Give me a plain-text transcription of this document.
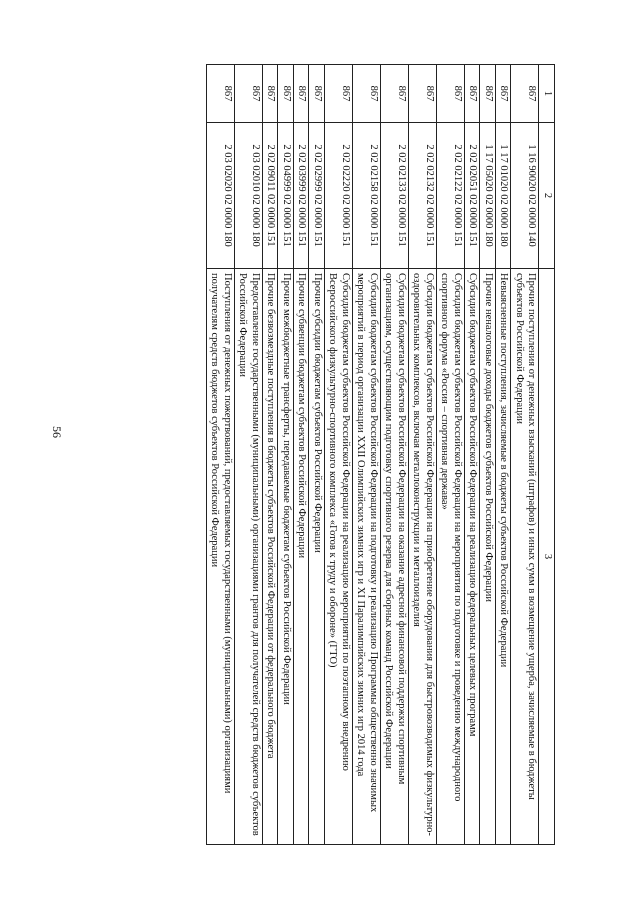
56
1	2	3
867	1 16 90020 02 0000 140	Прочие поступления от денежных взысканий (штрафов) и иных сумм в возмещение ущерба, зачисляемые в бюджеты субъектов Российской Федерации
867	1 17 01020 02 0000 180	Невыясненные поступления, зачисляемые в бюджеты субъектов Российской Федерации
867	1 17 05020 02 0000 180	Прочие неналоговые доходы бюджетов субъектов Российской Федерации
867	2 02 02051 02 0000 151	Субсидии бюджетам субъектов Российской Федерации на реализацию федеральных целевых программ
867	2 02 02122 02 0000 151	Субсидии бюджетам субъектов Российской Федерации на мероприятия по подготовке и проведению международного спортивного форума «Россия – спортивная держава»
867	2 02 02132 02 0000 151	Субсидии бюджетам субъектов Российской Федерации на приобретение оборудования для быстровозводимых физкультурно-оздоровительных комплексов, включая металлоконструкции и металлоизделия
867	2 02 02133 02 0000 151	Субсидии бюджетам субъектов Российской Федерации на оказание адресной финансовой поддержки спортивным организациям, осуществляющим подготовку спортивного резерва для сборных команд Российской Федерации
867	2 02 02158 02 0000 151	Субсидии бюджетам субъектов Российской Федерации на подготовку и реализацию Программы общественно значимых мероприятий в период организации XXII Олимпийских зимних игр и XI Паралимпийских зимних игр 2014 года
867	2 02 02220 02 0000 151	Субсидии бюджетам субъектов Российской Федерации на реализацию мероприятий по поэтапному внедрению Всероссийского физкультурно-спортивного комплекса «Готов к труду и обороне» (ГТО)
867	2 02 02999 02 0000 151	Прочие субсидии бюджетам субъектов Российской Федерации
867	2 02 03999 02 0000 151	Прочие субвенции бюджетам субъектов Российской Федерации
867	2 02 04999 02 0000 151	Прочие межбюджетные трансферты, передаваемые бюджетам субъектов Российской Федерации
867	2 02 09011 02 0000 151	Прочие безвозмездные поступления в бюджеты субъектов Российской Федерации от федерального бюджета
867	2 03 02010 02 0000 180	Предоставление государственными (муниципальными) организациями грантов для получателей средств бюджетов субъектов Российской Федерации
867	2 03 02020 02 0000 180	Поступления от денежных пожертвований, предоставляемых государственными (муниципальными) организациями получателям средств бюджетов субъектов Российской Федерации
